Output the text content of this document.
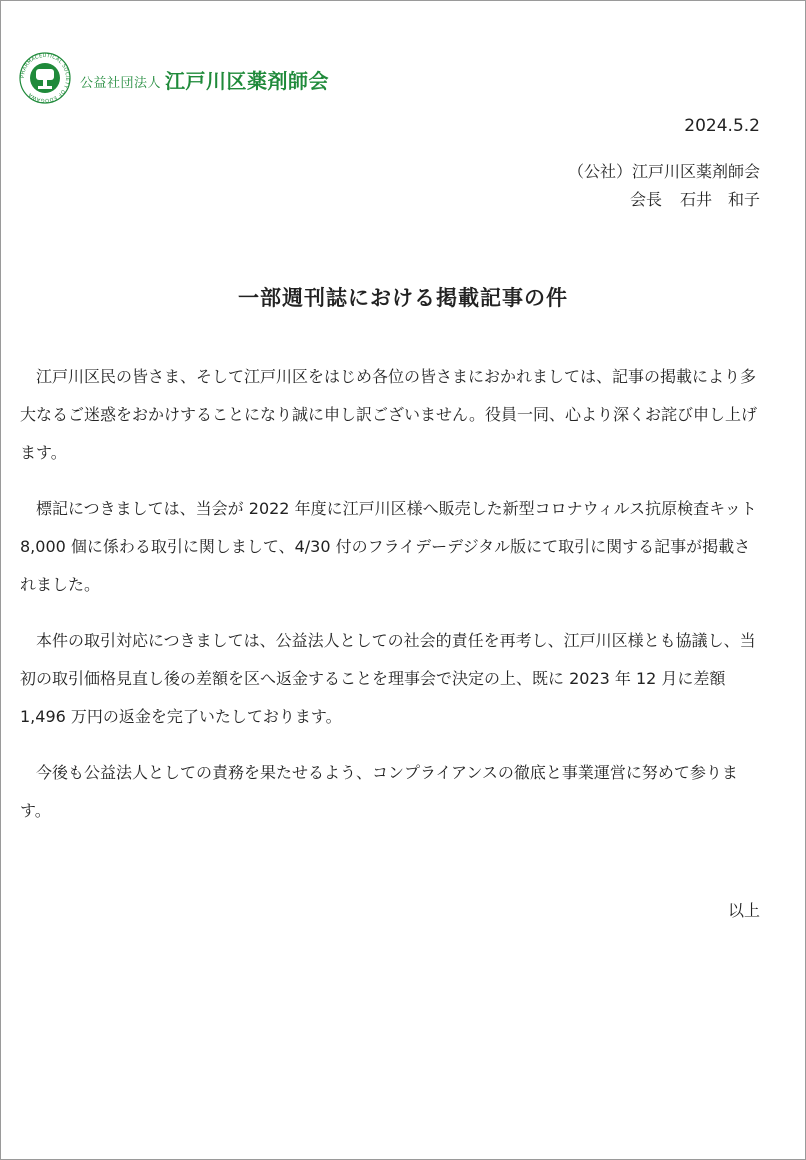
PHARMACEUTICAL SOCIETY OF EDOGAWA
公益社団法人 江戸川区薬剤師会
2024.5.2
（公社）江戸川区薬剤師会
会長 石井　和子
一部週刊誌における掲載記事の件

江戸川区民の皆さま、そして江戸川区をはじめ各位の皆さまにおかれましては、記事の掲載により多大なるご迷惑をおかけすることになり誠に申し訳ございません。役員一同、心より深くお詫び申し上げます。

標記につきましては、当会が 2022 年度に江戸川区様へ販売した新型コロナウィルス抗原検査キット 8,000 個に係わる取引に関しまして、4/30 付のフライデーデジタル版にて取引に関する記事が掲載されました。

本件の取引対応につきましては、公益法人としての社会的責任を再考し、江戸川区様とも協議し、当初の取引価格見直し後の差額を区へ返金することを理事会で決定の上、既に 2023 年 12 月に差額 1,496 万円の返金を完了いたしております。

今後も公益法人としての責務を果たせるよう、コンプライアンスの徹底と事業運営に努めて参ります。

以上
